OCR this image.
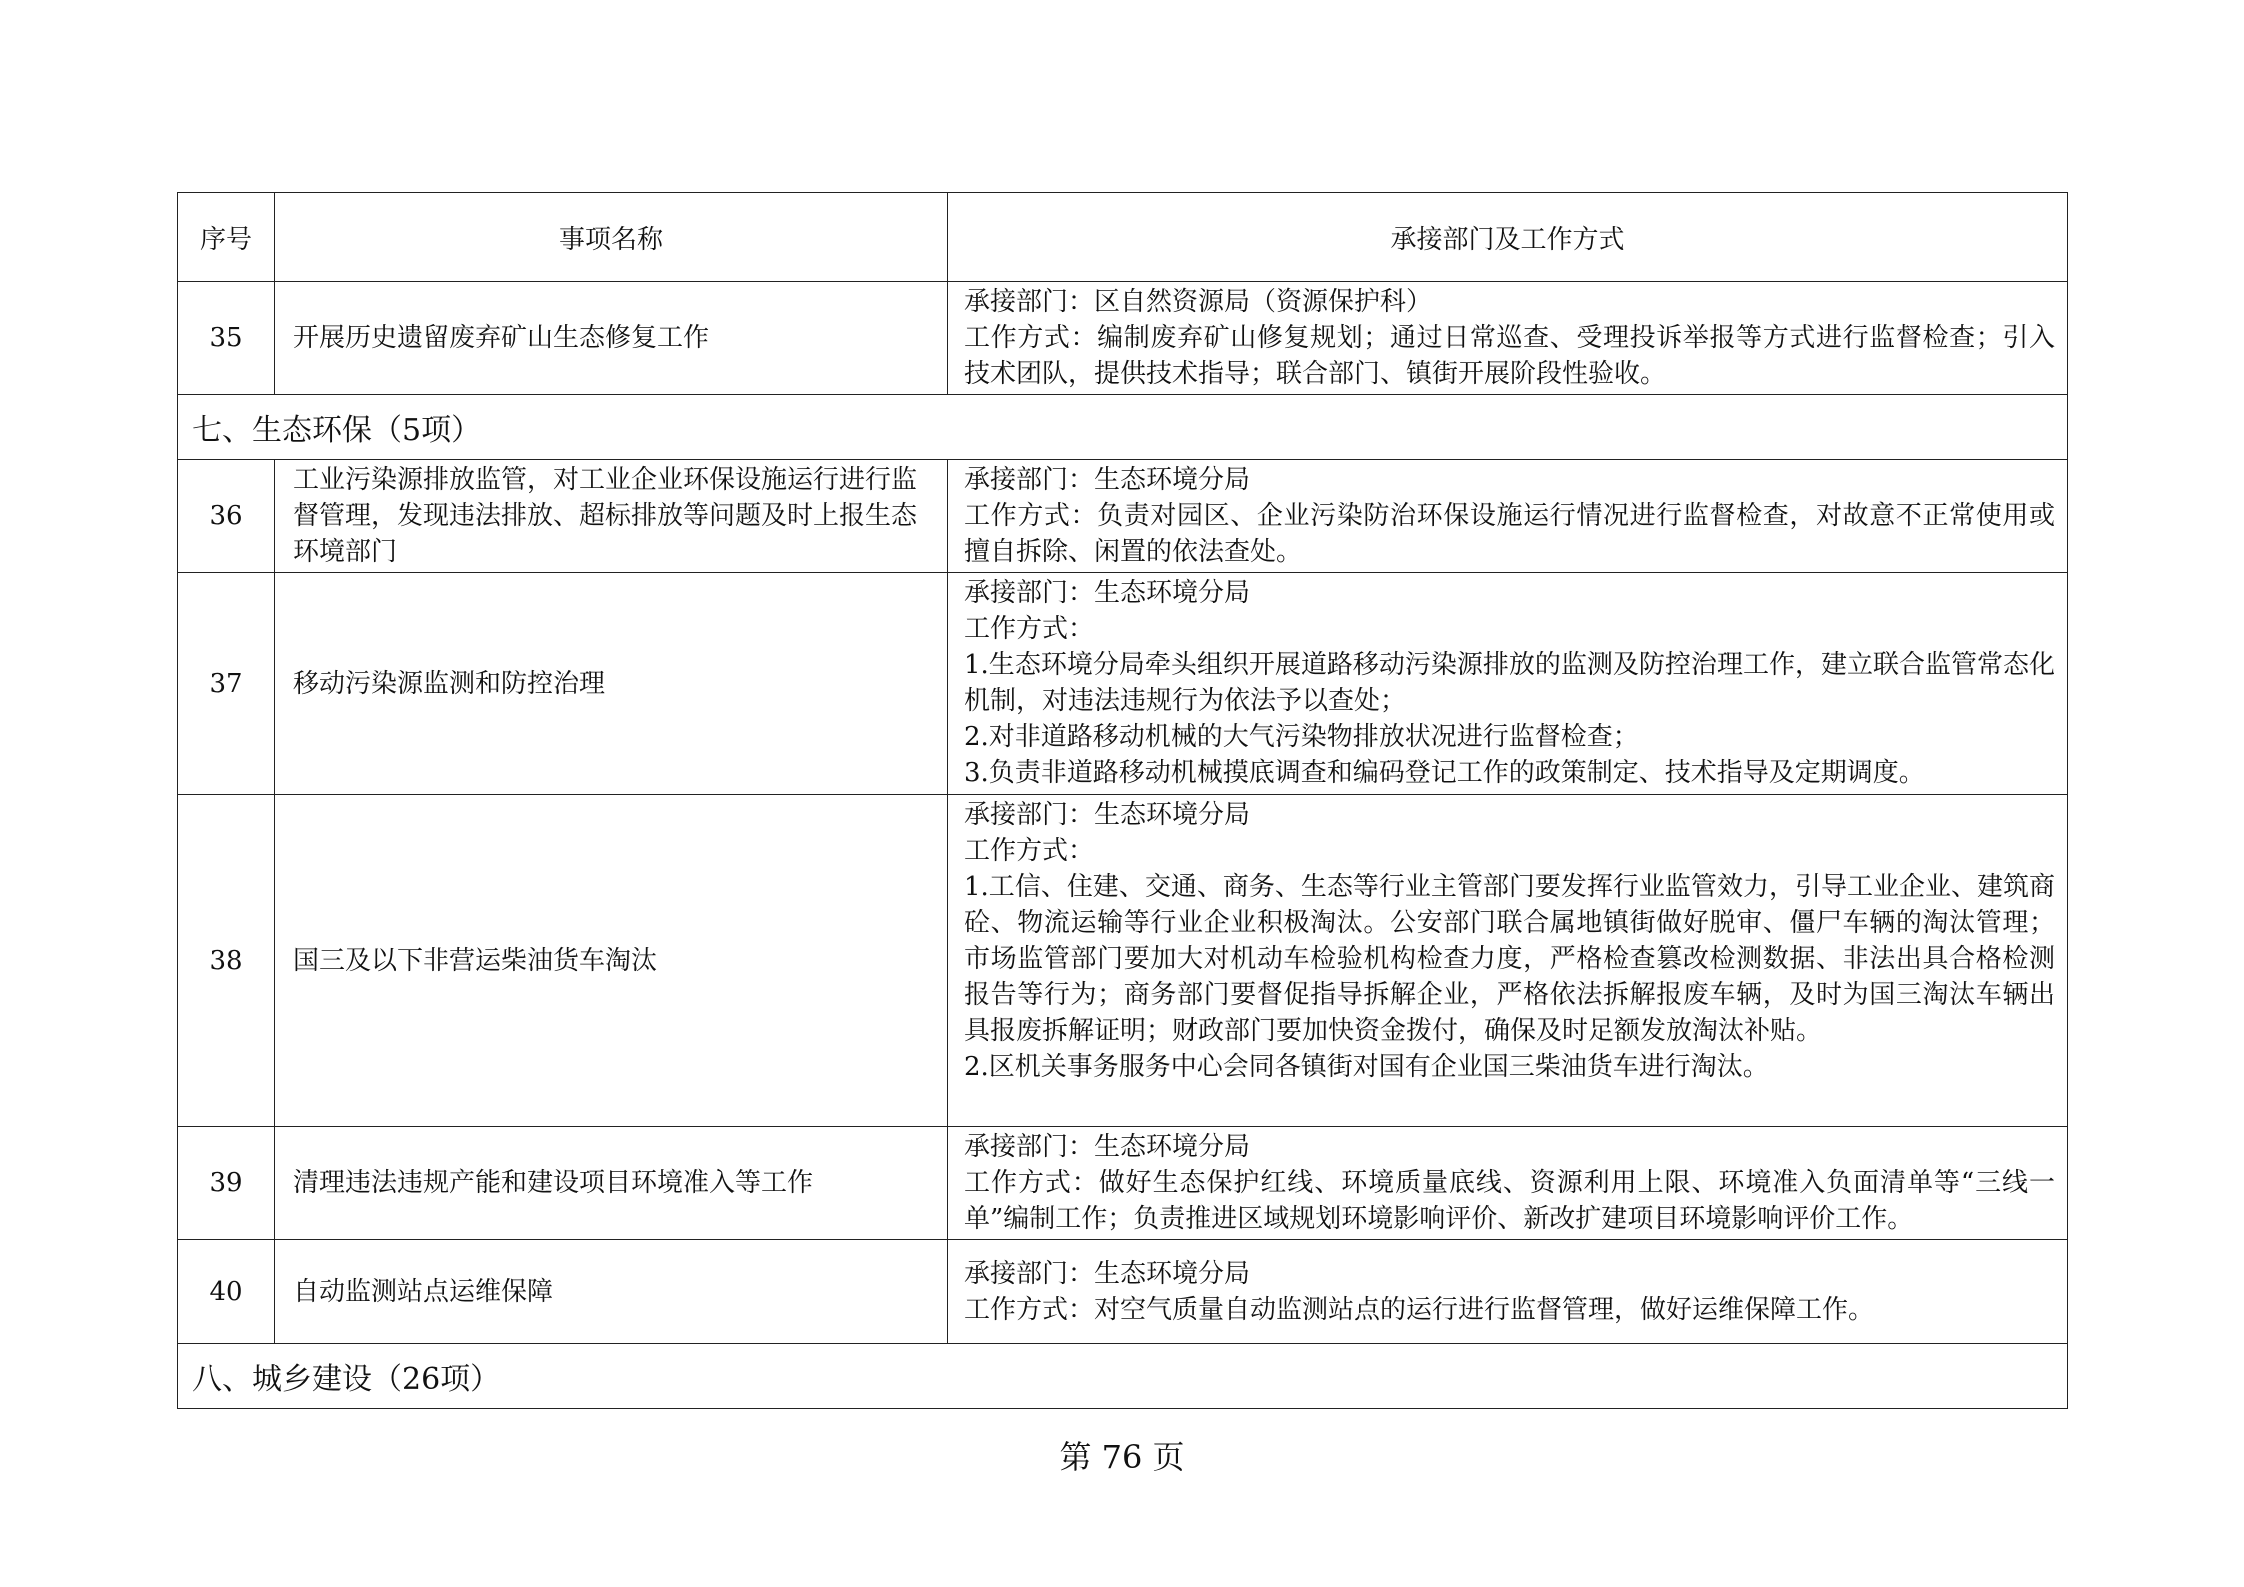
序号	事项名称	承接部门及工作方式
35	开展历史遗留废弃矿山生态修复工作	承接部门：区自然资源局（资源保护科）
工作方式：编制废弃矿山修复规划；通过日常巡查、受理投诉举报等方式进行监督检查；引入技术团队，提供技术指导；联合部门、镇街开展阶段性验收。

七、生态环保（5项）		
36	工业污染源排放监管，对工业企业环保设施运行进行监督管理，发现违法排放、超标排放等问题及时上报生态环境部门	承接部门：生态环境分局
工作方式：负责对园区、企业污染防治环保设施运行情况进行监督检查，对故意不正常使用或擅自拆除、闲置的依法查处。

37	移动污染源监测和防控治理	承接部门：生态环境分局
工作方式：
1.生态环境分局牵头组织开展道路移动污染源排放的监测及防控治理工作，建立联合监管常态化机制，对违法违规行为依法予以查处；
2.对非道路移动机械的大气污染物排放状况进行监督检查；
3.负责非道路移动机械摸底调查和编码登记工作的政策制定、技术指导及定期调度。

38	国三及以下非营运柴油货车淘汰	承接部门：生态环境分局
工作方式：
1.工信、住建、交通、商务、生态等行业主管部门要发挥行业监管效力，引导工业企业、建筑商砼、物流运输等行业企业积极淘汰。公安部门联合属地镇街做好脱审、僵尸车辆的淘汰管理；市场监管部门要加大对机动车检验机构检查力度，严格检查篡改检测数据、非法出具合格检测报告等行为；商务部门要督促指导拆解企业，严格依法拆解报废车辆，及时为国三淘汰车辆出具报废拆解证明；财政部门要加快资金拨付，确保及时足额发放淘汰补贴。
2.区机关事务服务中心会同各镇街对国有企业国三柴油货车进行淘汰。

39	清理违法违规产能和建设项目环境准入等工作	承接部门：生态环境分局
工作方式：做好生态保护红线、环境质量底线、资源利用上限、环境准入负面清单等“三线一单”编制工作；负责推进区域规划环境影响评价、新改扩建项目环境影响评价工作。

40	自动监测站点运维保障	承接部门：生态环境分局
工作方式：对空气质量自动监测站点的运行进行监督管理，做好运维保障工作。

八、城乡建设（26项）		
第 76 页
